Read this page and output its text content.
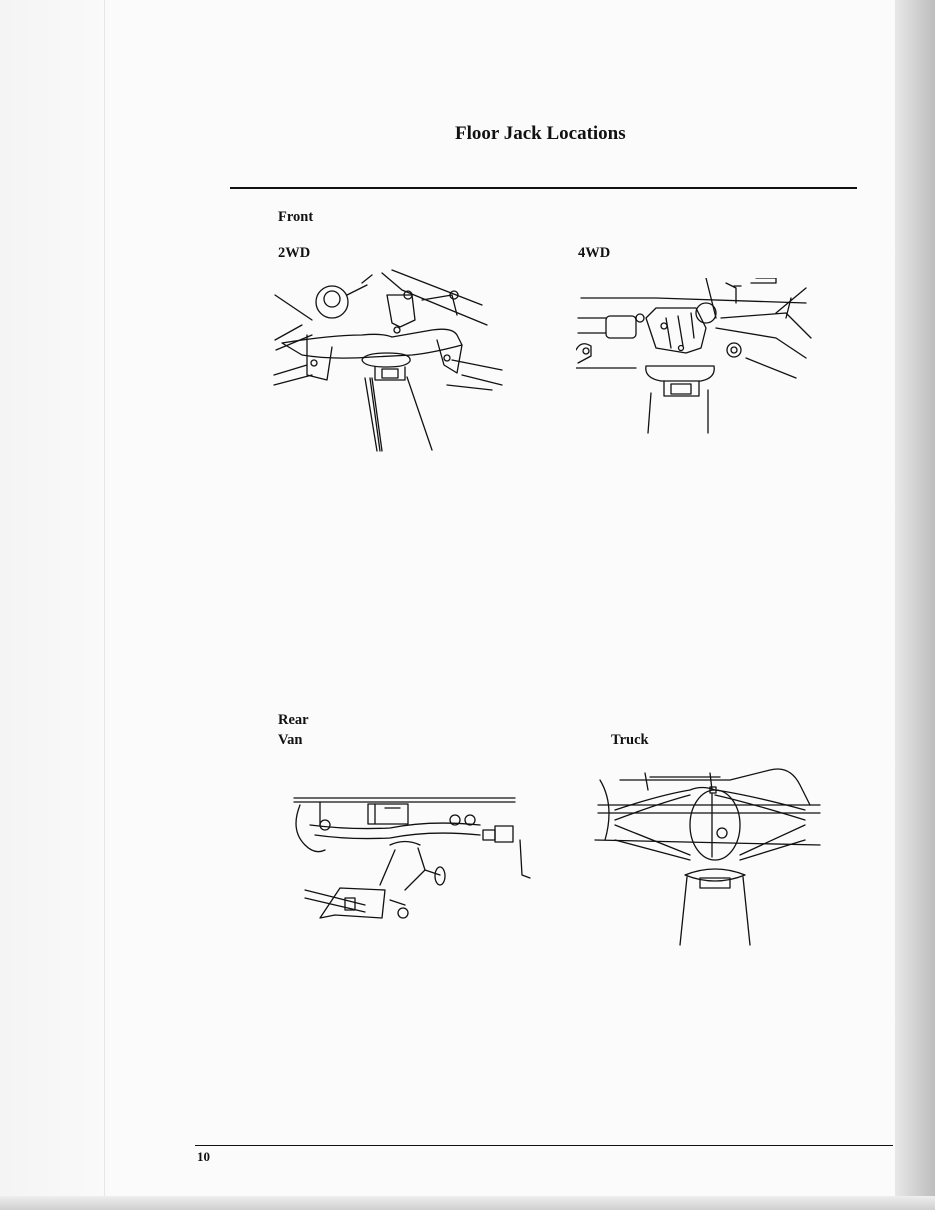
Floor Jack Locations
Front
2WD	4WD
Rear
Van	Truck
10
